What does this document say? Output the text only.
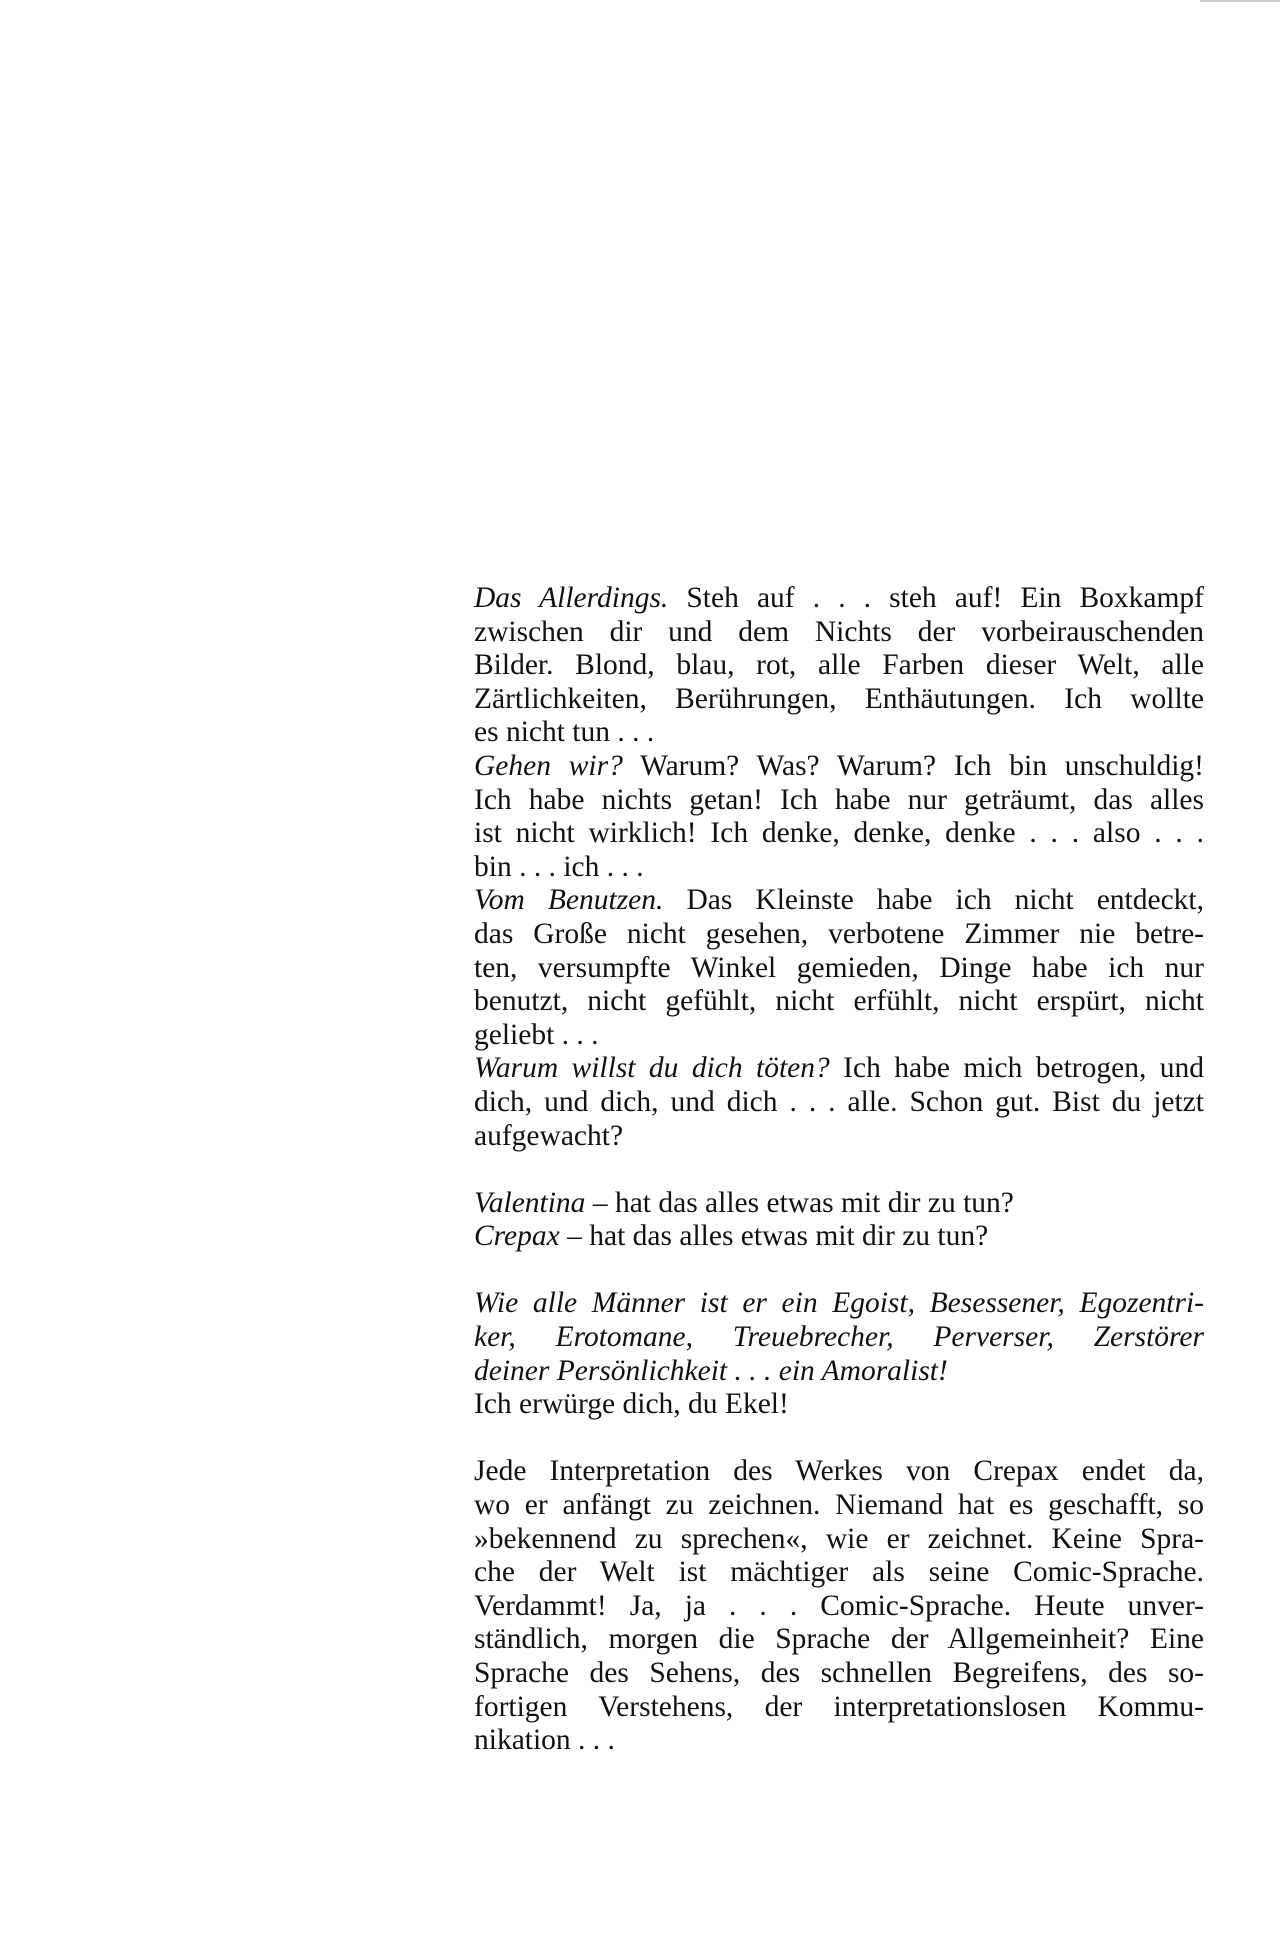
Das Allerdings. Steh auf . . . steh auf! Ein Boxkampf
zwischen dir und dem Nichts der vorbeirauschenden
Bilder. Blond, blau, rot, alle Farben dieser Welt, alle
Zärtlichkeiten, Berührungen, Enthäutungen. Ich wollte
es nicht tun . . .
Gehen wir? Warum? Was? Warum? Ich bin unschuldig!
Ich habe nichts getan! Ich habe nur geträumt, das alles
ist nicht wirklich! Ich denke, denke, denke . . . also . . .
bin . . . ich . . .
Vom Benutzen. Das Kleinste habe ich nicht entdeckt,
das Große nicht gesehen, verbotene Zimmer nie betre-
ten, versumpfte Winkel gemieden, Dinge habe ich nur
benutzt, nicht gefühlt, nicht erfühlt, nicht erspürt, nicht
geliebt . . .
Warum willst du dich töten? Ich habe mich betrogen, und
dich, und dich, und dich . . . alle. Schon gut. Bist du jetzt
aufgewacht?
Valentina – hat das alles etwas mit dir zu tun?
Crepax – hat das alles etwas mit dir zu tun?
Wie alle Männer ist er ein Egoist, Besessener, Egozentri-
ker, Erotomane, Treuebrecher, Perverser, Zerstörer
deiner Persönlichkeit . . . ein Amoralist!
Ich erwürge dich, du Ekel!
Jede Interpretation des Werkes von Crepax endet da,
wo er anfängt zu zeichnen. Niemand hat es geschafft, so
»bekennend zu sprechen«, wie er zeichnet. Keine Spra-
che der Welt ist mächtiger als seine Comic-Sprache.
Verdammt! Ja, ja . . . Comic-Sprache. Heute unver-
ständlich, morgen die Sprache der Allgemeinheit? Eine
Sprache des Sehens, des schnellen Begreifens, des so-
fortigen Verstehens, der interpretationslosen Kommu-
nikation . . .
